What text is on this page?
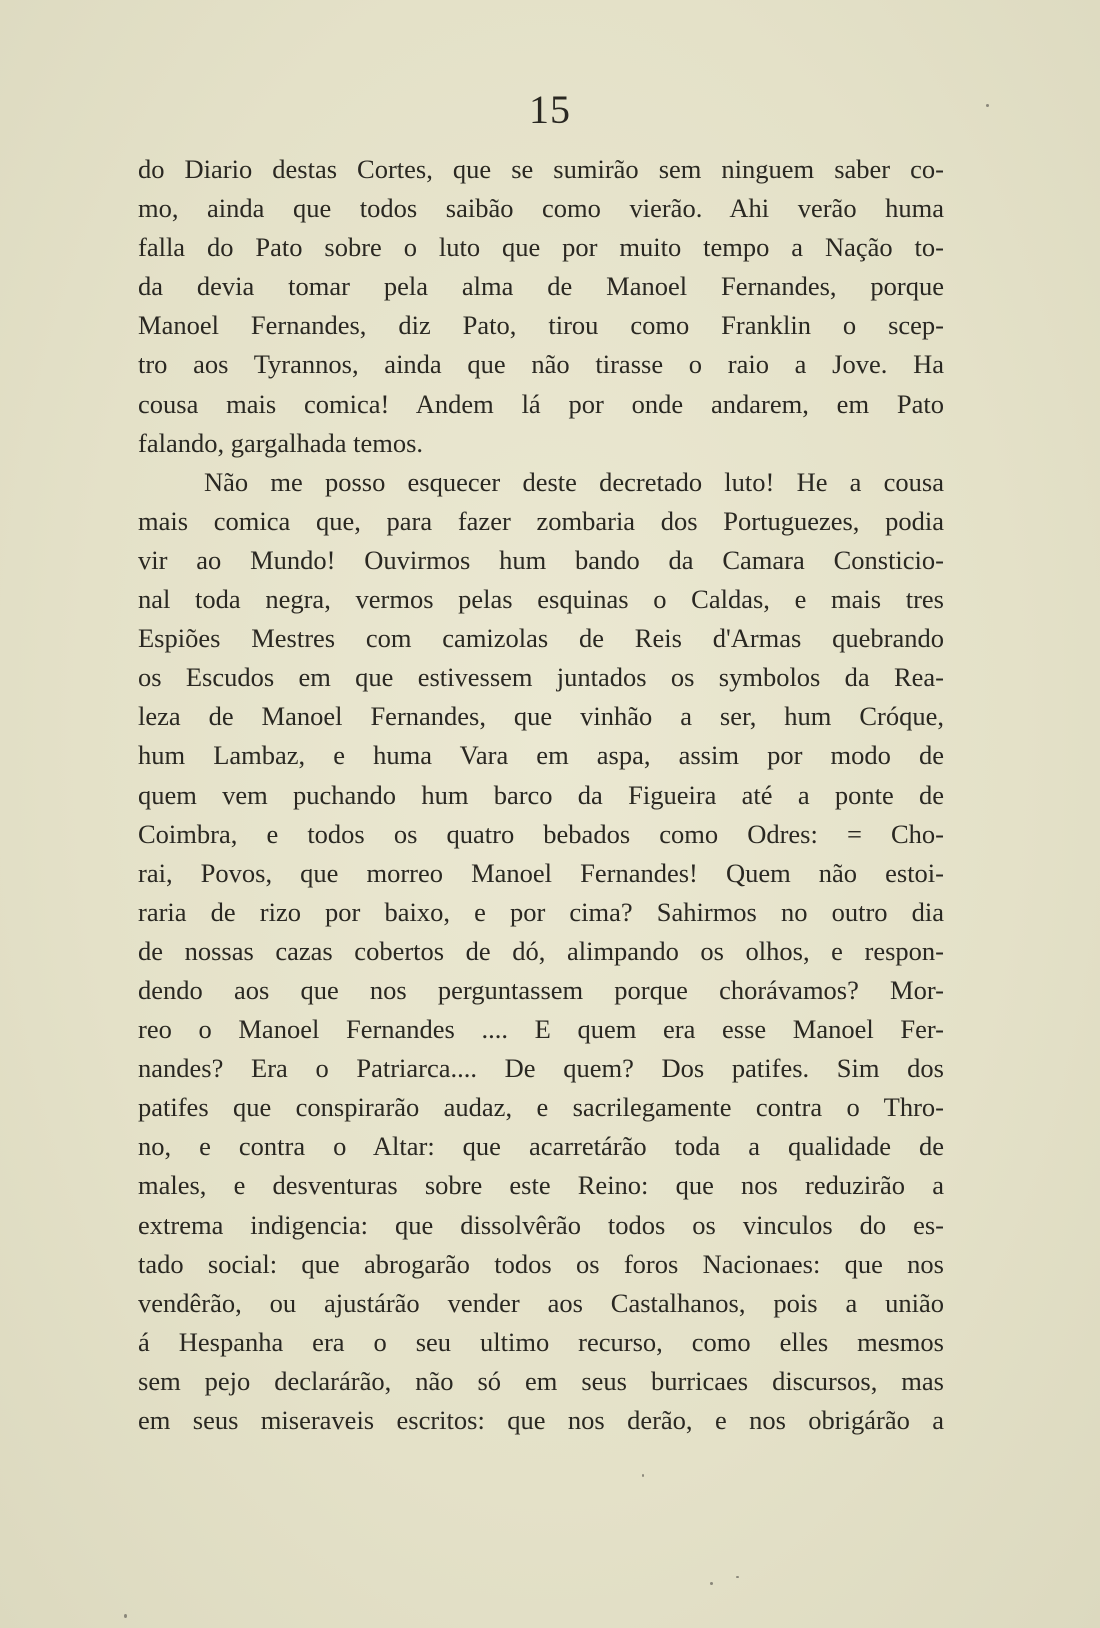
15
do Diario destas Cortes, que se sumirão sem ninguem saber co-
mo, ainda que todos saibão como vierão. Ahi verão huma
falla do Pato sobre o luto que por muito tempo a Nação to-
da devia tomar pela alma de Manoel Fernandes, porque
Manoel Fernandes, diz Pato, tirou como Franklin o scep-
tro aos Tyrannos, ainda que não tirasse o raio a Jove. Ha
cousa mais comica! Andem lá por onde andarem, em Pato
falando, gargalhada temos.
Não me posso esquecer deste decretado luto! He a cousa
mais comica que, para fazer zombaria dos Portuguezes, podia
vir ao Mundo! Ouvirmos hum bando da Camara Consticio-
nal toda negra, vermos pelas esquinas o Caldas, e mais tres
Espiões Mestres com camizolas de Reis d'Armas quebrando
os Escudos em que estivessem juntados os symbolos da Rea-
leza de Manoel Fernandes, que vinhão a ser, hum Cróque,
hum Lambaz, e huma Vara em aspa, assim por modo de
quem vem puchando hum barco da Figueira até a ponte de
Coimbra, e todos os quatro bebados como Odres: = Cho-
rai, Povos, que morreo Manoel Fernandes! Quem não estoi-
raria de rizo por baixo, e por cima? Sahirmos no outro dia
de nossas cazas cobertos de dó, alimpando os olhos, e respon-
dendo aos que nos perguntassem porque chorávamos? Mor-
reo o Manoel Fernandes .... E quem era esse Manoel Fer-
nandes? Era o Patriarca.... De quem? Dos patifes. Sim dos
patifes que conspirarão audaz, e sacrilegamente contra o Thro-
no, e contra o Altar: que acarretárão toda a qualidade de
males, e desventuras sobre este Reino: que nos reduzirão a
extrema indigencia: que dissolvêrão todos os vinculos do es-
tado social: que abrogarão todos os foros Nacionaes: que nos
vendêrão, ou ajustárão vender aos Castalhanos, pois a união
á Hespanha era o seu ultimo recurso, como elles mesmos
sem pejo declarárão, não só em seus burricaes discursos, mas
em seus miseraveis escritos: que nos derão, e nos obrigárão a
